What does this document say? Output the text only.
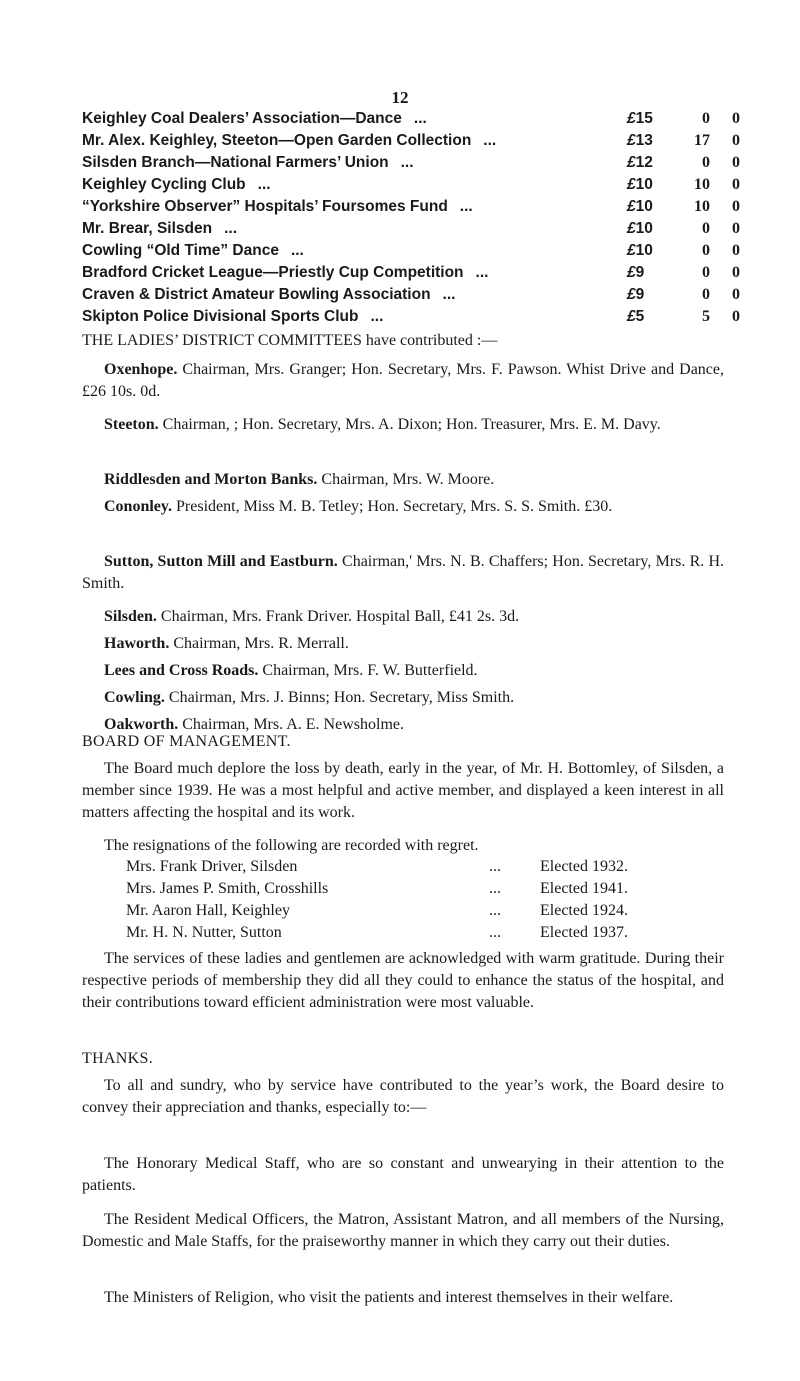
12
Keighley Coal Dealers’ Association—Dance ...	£15	0	0
Mr. Alex. Keighley, Steeton—Open Garden Collection ...	£13	17	0
Silsden Branch—National Farmers’ Union ...	£12	0	0
Keighley Cycling Club ...	£10	10	0
“Yorkshire Observer” Hospitals’ Foursomes Fund ...	£10	10	0
Mr. Brear, Silsden ...	£10	0	0
Cowling “Old Time” Dance ...	£10	0	0
Bradford Cricket League—Priestly Cup Competition ...	£9	0	0
Craven & District Amateur Bowling Association ...	£9	0	0
Skipton Police Divisional Sports Club ...	£5	5	0
THE LADIES’ DISTRICT COMMITTEES have contributed :—
Oxenhope. Chairman, Mrs. Granger; Hon. Secretary, Mrs. F. Pawson. Whist Drive and Dance, £26 10s. 0d.
Steeton. Chairman, ; Hon. Secretary, Mrs. A. Dixon; Hon. Treasurer, Mrs. E. M. Davy.
Riddlesden and Morton Banks. Chairman, Mrs. W. Moore.
Cononley. President, Miss M. B. Tetley; Hon. Secretary, Mrs. S. S. Smith. £30.
Sutton, Sutton Mill and Eastburn. Chairman,' Mrs. N. B. Chaffers; Hon. Secretary, Mrs. R. H. Smith.
Silsden. Chairman, Mrs. Frank Driver. Hospital Ball, £41 2s. 3d.
Haworth. Chairman, Mrs. R. Merrall.
Lees and Cross Roads. Chairman, Mrs. F. W. Butterfield.
Cowling. Chairman, Mrs. J. Binns; Hon. Secretary, Miss Smith.
Oakworth. Chairman, Mrs. A. E. Newsholme.
BOARD OF MANAGEMENT.
The Board much deplore the loss by death, early in the year, of Mr. H. Bottomley, of Silsden, a member since 1939. He was a most helpful and active member, and displayed a keen interest in all matters affecting the hospital and its work.
The resignations of the following are recorded with regret.
Mrs. Frank Driver, Silsden	... Elected 1932.
Mrs. James P. Smith, Crosshills	... Elected 1941.
Mr. Aaron Hall, Keighley	... Elected 1924.
Mr. H. N. Nutter, Sutton	... Elected 1937.
The services of these ladies and gentlemen are acknowledged with warm gratitude. During their respective periods of membership they did all they could to enhance the status of the hospital, and their contributions toward efficient administration were most valuable.
THANKS.
To all and sundry, who by service have contributed to the year’s work, the Board desire to convey their appreciation and thanks, especially to:—
The Honorary Medical Staff, who are so constant and unwearying in their attention to the patients.
The Resident Medical Officers, the Matron, Assistant Matron, and all members of the Nursing, Domestic and Male Staffs, for the praiseworthy manner in which they carry out their duties.
The Ministers of Religion, who visit the patients and interest themselves in their welfare.
